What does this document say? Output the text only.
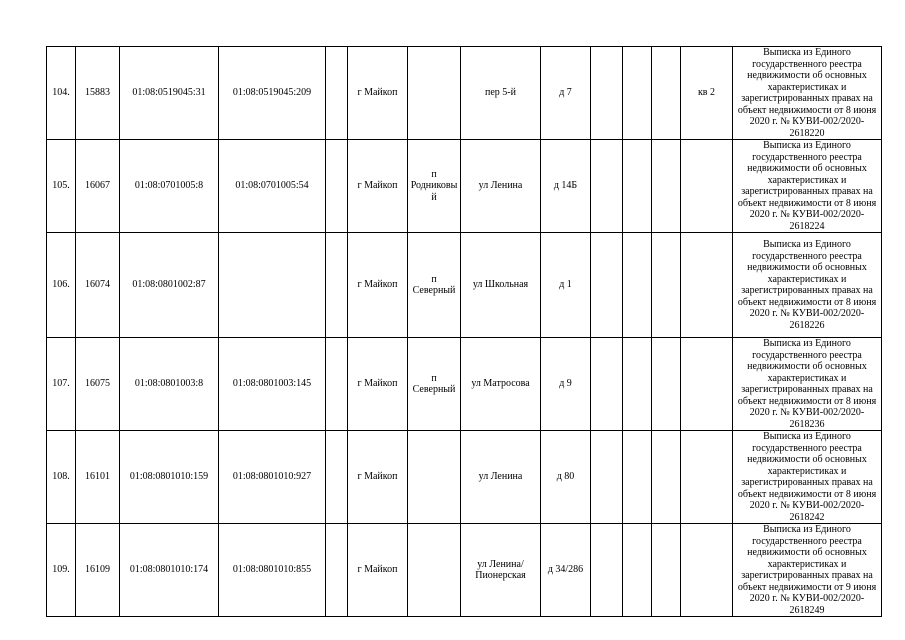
104.	15883	01:08:0519045:31	01:08:0519045:209		г Майкоп		пер 5-й	д 7				кв 2	Выписка из Единого государственного реестра недвижимости об основных характеристиках и зарегистрированных правах на объект недвижимости от 8 июня 2020 г. № КУВИ-002/2020-2618220
105.	16067	01:08:0701005:8	01:08:0701005:54		г Майкоп	п Родниковый	ул Ленина	д 14Б					Выписка из Единого государственного реестра недвижимости об основных характеристиках и зарегистрированных правах на объект недвижимости от 8 июня 2020 г. № КУВИ-002/2020-2618224
106.	16074	01:08:0801002:87			г Майкоп	п Северный	ул Школьная	д 1					Выписка из Единого государственного реестра недвижимости об основных характеристиках и зарегистрированных правах на объект недвижимости от 8 июня 2020 г. № КУВИ-002/2020-2618226
107.	16075	01:08:0801003:8	01:08:0801003:145		г Майкоп	п Северный	ул Матросова	д 9					Выписка из Единого государственного реестра недвижимости об основных характеристиках и зарегистрированных правах на объект недвижимости от 8 июня 2020 г. № КУВИ-002/2020-2618236
108.	16101	01:08:0801010:159	01:08:0801010:927		г Майкоп		ул Ленина	д 80					Выписка из Единого государственного реестра недвижимости об основных характеристиках и зарегистрированных правах на объект недвижимости от 8 июня 2020 г. № КУВИ-002/2020-2618242
109.	16109	01:08:0801010:174	01:08:0801010:855		г Майкоп		ул Ленина/Пионерская	д 34/286					Выписка из Единого государственного реестра недвижимости об основных характеристиках и зарегистрированных правах на объект недвижимости от 9 июня 2020 г. № КУВИ-002/2020-2618249
